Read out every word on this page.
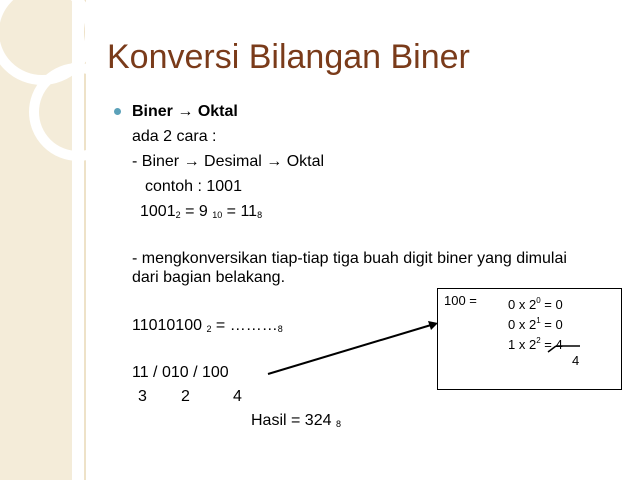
Konversi Bilangan Biner
Biner → Oktal
ada 2 cara :
- Biner → Desimal → Oktal
contoh : 1001
$1001_2 = 9$ $_{10} = 11_8$
- mengkonversikan tiap-tiap tiga buah digit biner yang dimulai
dari bagian belakang.
11010100 $_2 = \dots\dots\dots_8$
11 / 010 / 100
3 2	4
Hasil = 324 $_8$
100 = 0 x $2^0 = 0$
0 x $2^1 = 0$
1 x $2^2 = 4$
4
